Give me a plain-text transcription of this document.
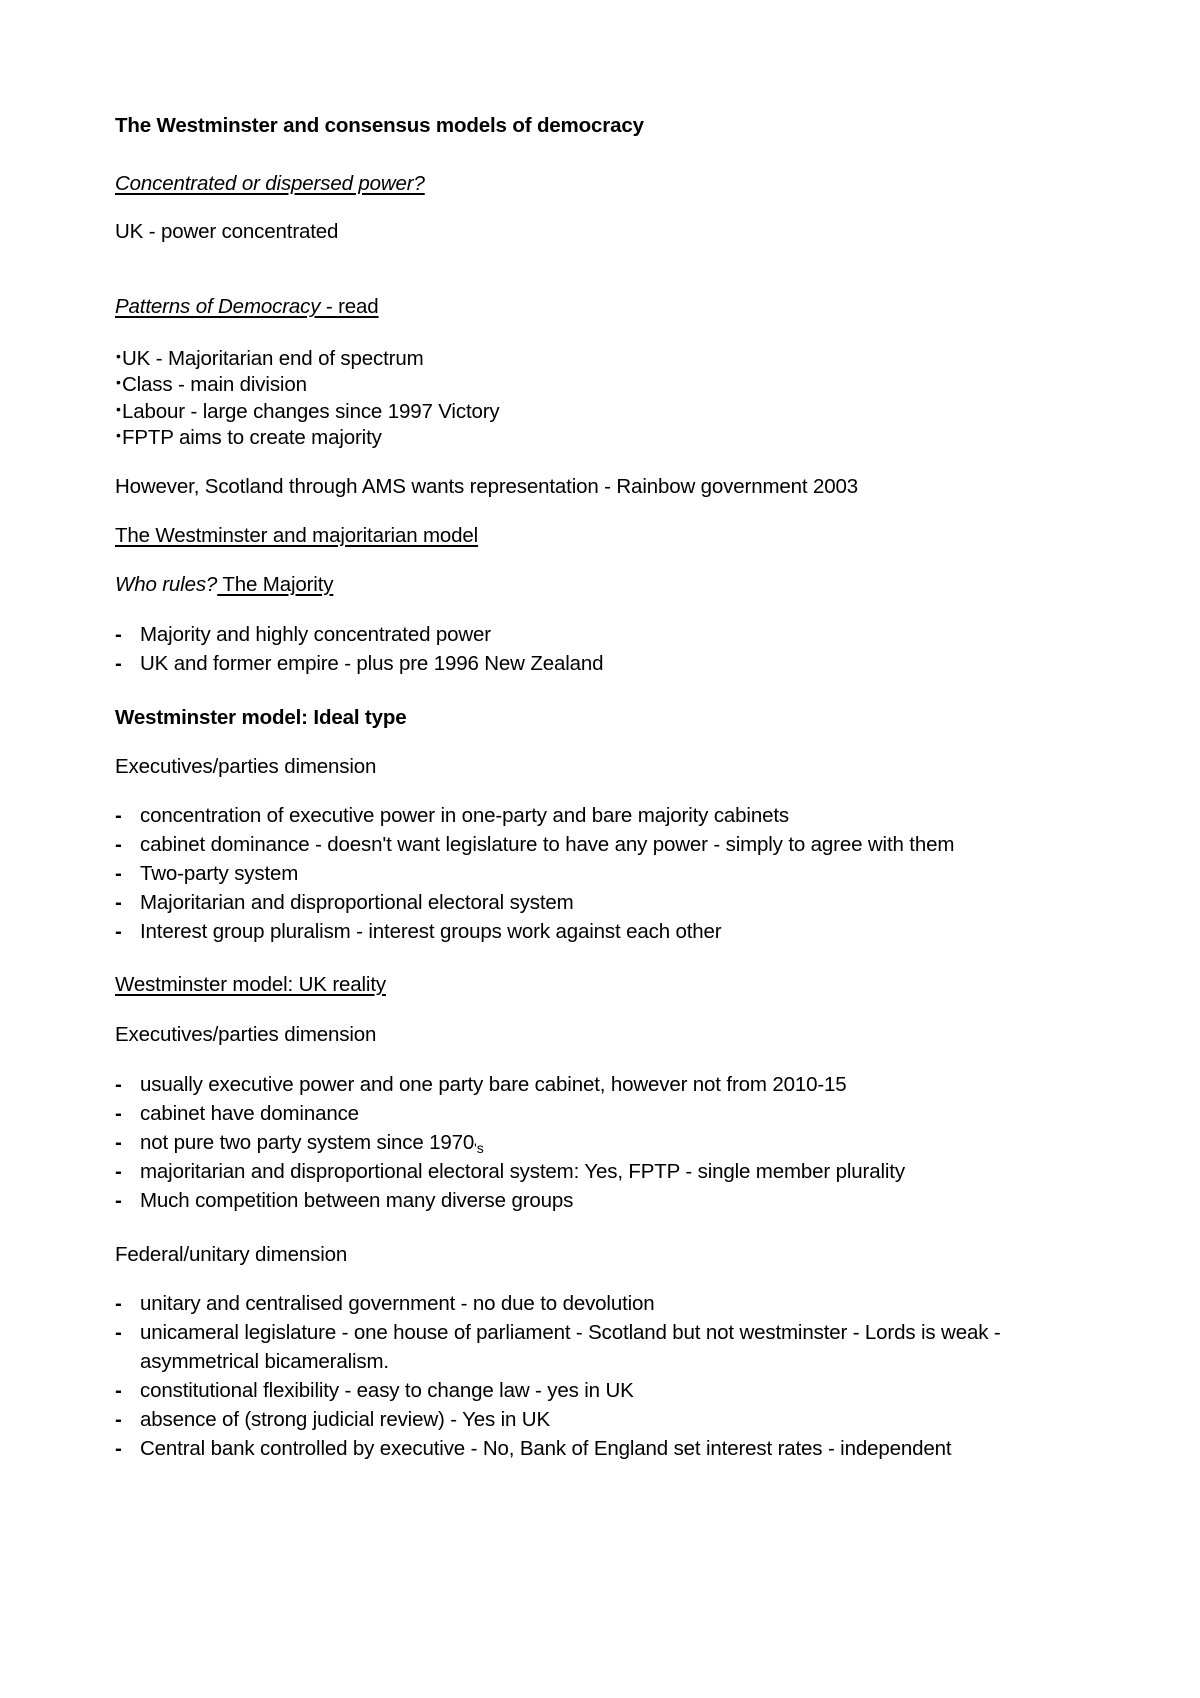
The Westminster and consensus models of democracy
Concentrated or dispersed power?
UK - power concentrated
Patterns of Democracy - read
• UK - Majoritarian end of spectrum
• Class - main division
• Labour - large changes since 1997 Victory
• FPTP aims to create majority
However, Scotland through AMS wants representation - Rainbow government 2003
The Westminster and majoritarian model
Who rules? The Majority
- Majority and highly concentrated power
- UK and former empire - plus pre 1996 New Zealand
Westminster model: Ideal type
Executives/parties dimension
- concentration of executive power in one-party and bare majority cabinets
- cabinet dominance - doesn't want legislature to have any power - simply to agree with them
- Two-party system
- Majoritarian and disproportional electoral system
- Interest group pluralism - interest groups work against each other
Westminster model: UK reality
Executives/parties dimension
- usually executive power and one party bare cabinet, however not from 2010-15
- cabinet have dominance
- not pure two party system since $1970_{'s}$
- majoritarian and disproportional electoral system: Yes, FPTP - single member plurality
- Much competition between many diverse groups
Federal/unitary dimension
- unitary and centralised government - no due to devolution
- unicameral legislature - one house of parliament - Scotland but not westminster - Lords is weak -
asymmetrical bicameralism.
- constitutional flexibility - easy to change law - yes in UK
- absence of (strong judicial review) - Yes in UK
- Central bank controlled by executive - No, Bank of England set interest rates - independent
